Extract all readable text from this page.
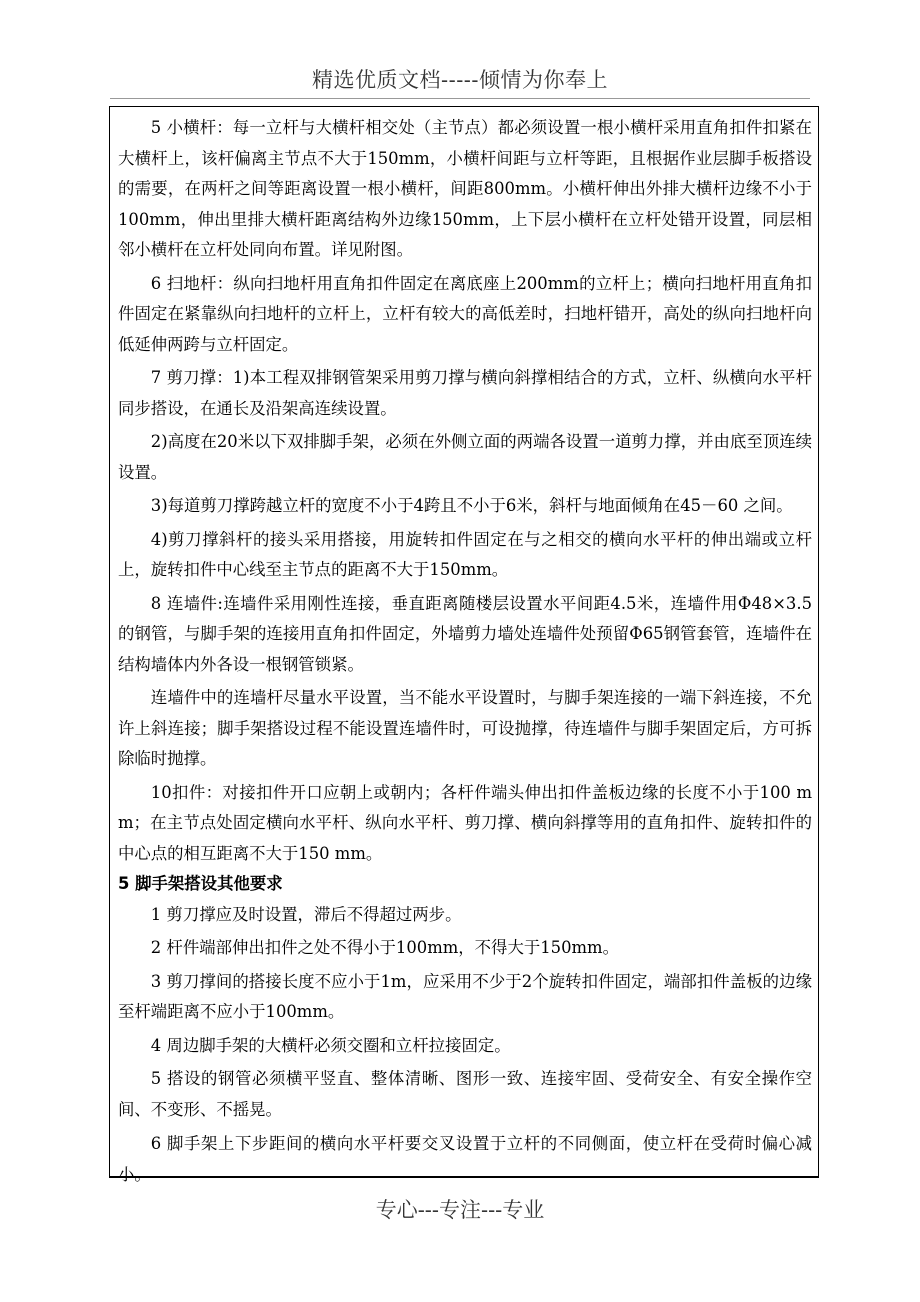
精选优质文档-----倾情为你奉上

5 小横杆：每一立杆与大横杆相交处（主节点）都必须设置一根小横杆采用直角扣件扣紧在大横杆上，该杆偏离主节点不大于150mm，小横杆间距与立杆等距，且根据作业层脚手板搭设的需要，在两杆之间等距离设置一根小横杆，间距800mm。小横杆伸出外排大横杆边缘不小于100mm，伸出里排大横杆距离结构外边缘150mm，上下层小横杆在立杆处错开设置，同层相邻小横杆在立杆处同向布置。详见附图。

6 扫地杆：纵向扫地杆用直角扣件固定在离底座上200mm的立杆上；横向扫地杆用直角扣件固定在紧靠纵向扫地杆的立杆上，立杆有较大的高低差时，扫地杆错开，高处的纵向扫地杆向低延伸两跨与立杆固定。

7 剪刀撑：1)本工程双排钢管架采用剪刀撑与横向斜撑相结合的方式，立杆、纵横向水平杆同步搭设，在通长及沿架高连续设置。

2)高度在20米以下双排脚手架，必须在外侧立面的两端各设置一道剪力撑，并由底至顶连续设置。

3)每道剪刀撑跨越立杆的宽度不小于4跨且不小于6米，斜杆与地面倾角在45－60 之间。

4)剪刀撑斜杆的接头采用搭接，用旋转扣件固定在与之相交的横向水平杆的伸出端或立杆上，旋转扣件中心线至主节点的距离不大于150mm。

8 连墙件:连墙件采用刚性连接，垂直距离随楼层设置水平间距4.5米，连墙件用Φ48×3.5的钢管，与脚手架的连接用直角扣件固定，外墙剪力墙处连墙件处预留Φ65钢管套管，连墙件在结构墙体内外各设一根钢管锁紧。

连墙件中的连墙杆尽量水平设置，当不能水平设置时，与脚手架连接的一端下斜连接，不允许上斜连接；脚手架搭设过程不能设置连墙件时，可设抛撑，待连墙件与脚手架固定后，方可拆除临时抛撑。

10扣件：对接扣件开口应朝上或朝内；各杆件端头伸出扣件盖板边缘的长度不小于100 mm；在主节点处固定横向水平杆、纵向水平杆、剪刀撑、横向斜撑等用的直角扣件、旋转扣件的中心点的相互距离不大于150 mm。

5 脚手架搭设其他要求

1 剪刀撑应及时设置，滞后不得超过两步。

2 杆件端部伸出扣件之处不得小于100mm，不得大于150mm。

3 剪刀撑间的搭接长度不应小于1m，应采用不少于2个旋转扣件固定，端部扣件盖板的边缘至杆端距离不应小于100mm。

4 周边脚手架的大横杆必须交圈和立杆拉接固定。

5 搭设的钢管必须横平竖直、整体清晰、图形一致、连接牢固、受荷安全、有安全操作空间、不变形、不摇晃。

6 脚手架上下步距间的横向水平杆要交叉设置于立杆的不同侧面，使立杆在受荷时偏心减小。

专心---专注---专业
